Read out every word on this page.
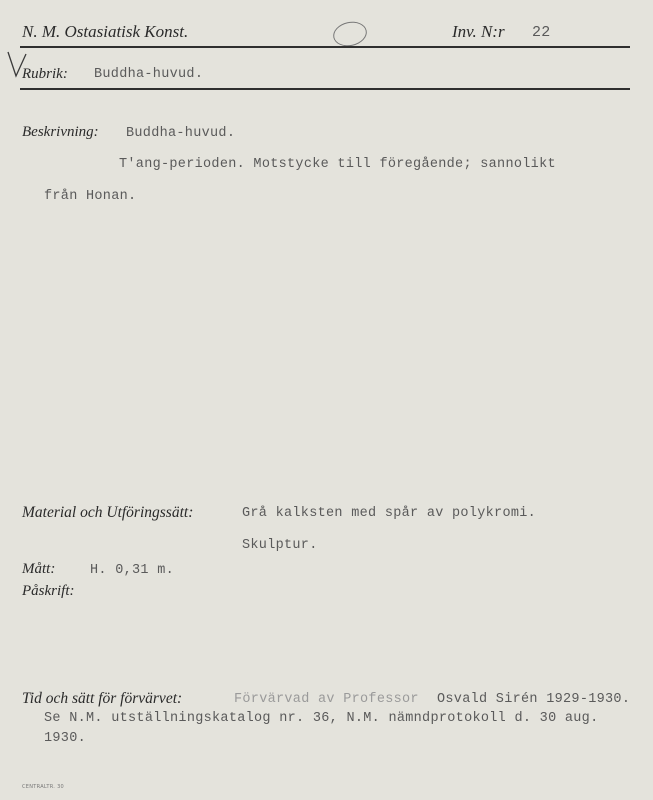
N. M. Ostasiatisk Konst.	Inv. N:r 22
Rubrik: Buddha-huvud.
Beskrivning: Buddha-huvud.
T'ang-perioden. Motstycke till föregående; sannolikt
från Honan.
Material och Utföringssätt:	Grå kalksten med spår av polykromi.
Skulptur.
Mått:	H. 0,31 m.
Påskrift:
Tid och sätt för förvärvet:	Förvärvad av Professor Osvald Sirén 1929-1930.
Se N.M. utställningskatalog nr. 36, N.M. nämndprotokoll d. 30 aug.
1930.
CENTRALTR. 30
